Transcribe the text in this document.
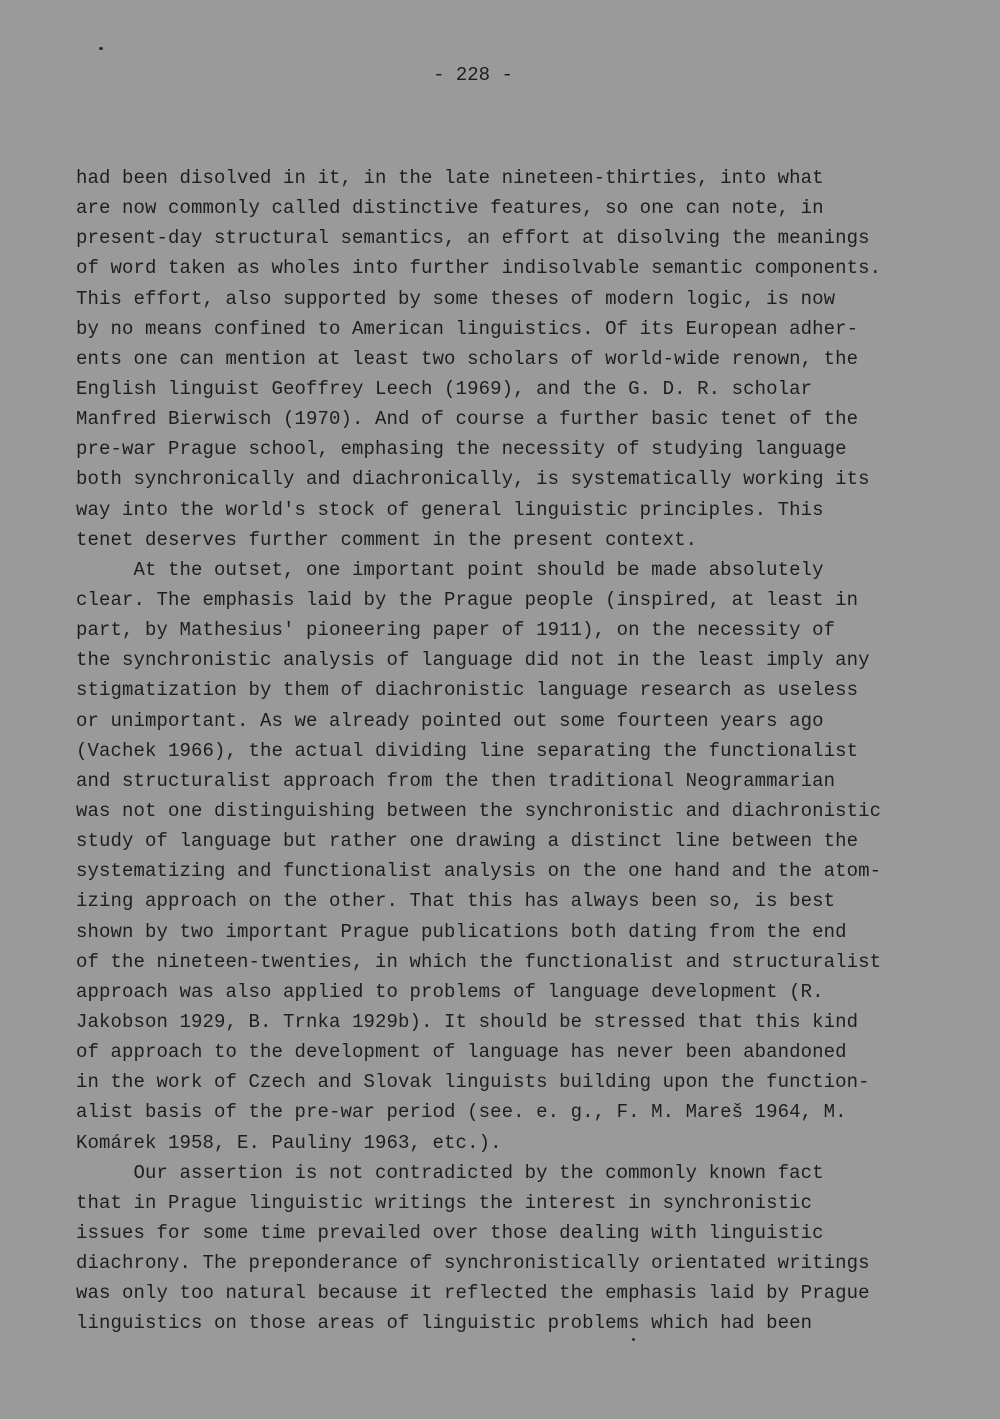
- 228 -
had been disolved in it, in the late nineteen-thirties, into what
are now commonly called distinctive features, so one can note, in
present-day structural semantics, an effort at disolving the meanings
of word taken as wholes into further indisolvable semantic components.
This effort, also supported by some theses of modern logic, is now
by no means confined to American linguistics. Of its European adher-
ents one can mention at least two scholars of world-wide renown, the
English linguist Geoffrey Leech (1969), and the G. D. R. scholar
Manfred Bierwisch (1970). And of course a further basic tenet of the
pre-war Prague school, emphasing the necessity of studying language
both synchronically and diachronically, is systematically working its
way into the world's stock of general linguistic principles. This
tenet deserves further comment in the present context.
At the outset, one important point should be made absolutely
clear. The emphasis laid by the Prague people (inspired, at least in
part, by Mathesius' pioneering paper of 1911), on the necessity of
the synchronistic analysis of language did not in the least imply any
stigmatization by them of diachronistic language research as useless
or unimportant. As we already pointed out some fourteen years ago
(Vachek 1966), the actual dividing line separating the functionalist
and structuralist approach from the then traditional Neogrammarian
was not one distinguishing between the synchronistic and diachronistic
study of language but rather one drawing a distinct line between the
systematizing and functionalist analysis on the one hand and the atom-
izing approach on the other. That this has always been so, is best
shown by two important Prague publications both dating from the end
of the nineteen-twenties, in which the functionalist and structuralist
approach was also applied to problems of language development (R.
Jakobson 1929, B. Trnka 1929b). It should be stressed that this kind
of approach to the development of language has never been abandoned
in the work of Czech and Slovak linguists building upon the function-
alist basis of the pre-war period (see. e. g., F. M. Mareš 1964, M.
Komárek 1958, E. Pauliny 1963, etc.).
Our assertion is not contradicted by the commonly known fact
that in Prague linguistic writings the interest in synchronistic
issues for some time prevailed over those dealing with linguistic
diachrony. The preponderance of synchronistically orientated writings
was only too natural because it reflected the emphasis laid by Prague
linguistics on those areas of linguistic problems which had been
